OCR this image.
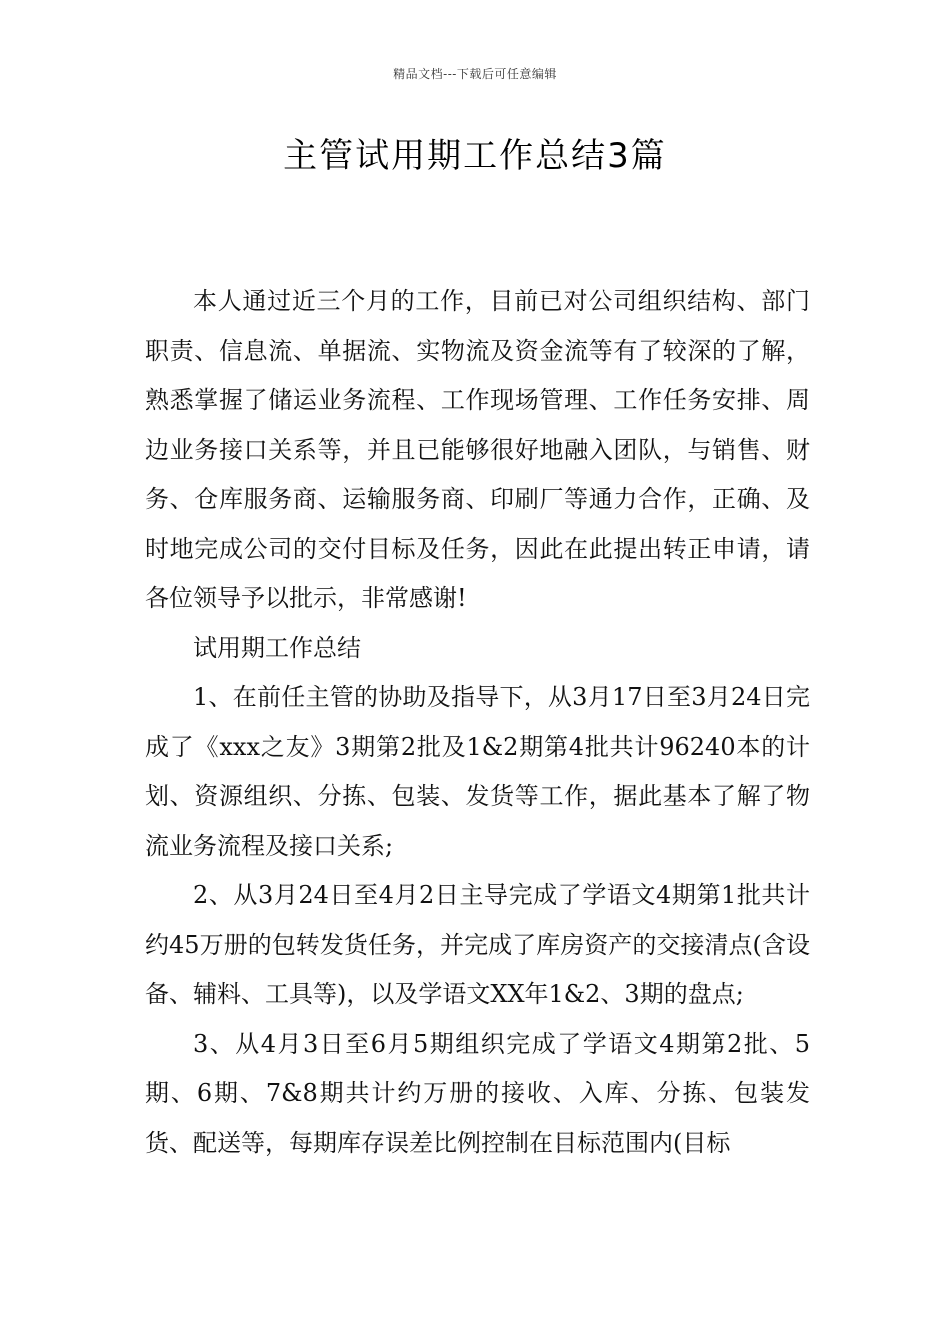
精品文档---下载后可任意编辑
主管试用期工作总结3篇

本人通过近三个月的工作，目前已对公司组织结构、部门职责、信息流、单据流、实物流及资金流等有了较深的了解，熟悉掌握了储运业务流程、工作现场管理、工作任务安排、周边业务接口关系等，并且已能够很好地融入团队，与销售、财务、仓库服务商、运输服务商、印刷厂等通力合作，正确、及时地完成公司的交付目标及任务，因此在此提出转正申请，请各位领导予以批示，非常感谢!

试用期工作总结

1、在前任主管的协助及指导下，从3月17日至3月24日完成了《xxx之友》3期第2批及1&2期第4批共计96240本的计划、资源组织、分拣、包装、发货等工作，据此基本了解了物流业务流程及接口关系;

2、从3月24日至4月2日主导完成了学语文4期第1批共计约45万册的包转发货任务，并完成了库房资产的交接清点(含设备、辅料、工具等)，以及学语文XX年1&2、3期的盘点;

3、从4月3日至6月5期组织完成了学语文4期第2批、5期、6期、7&8期共计约万册的接收、入库、分拣、包装发货、配送等，每期库存误差比例控制在目标范围内(目标
